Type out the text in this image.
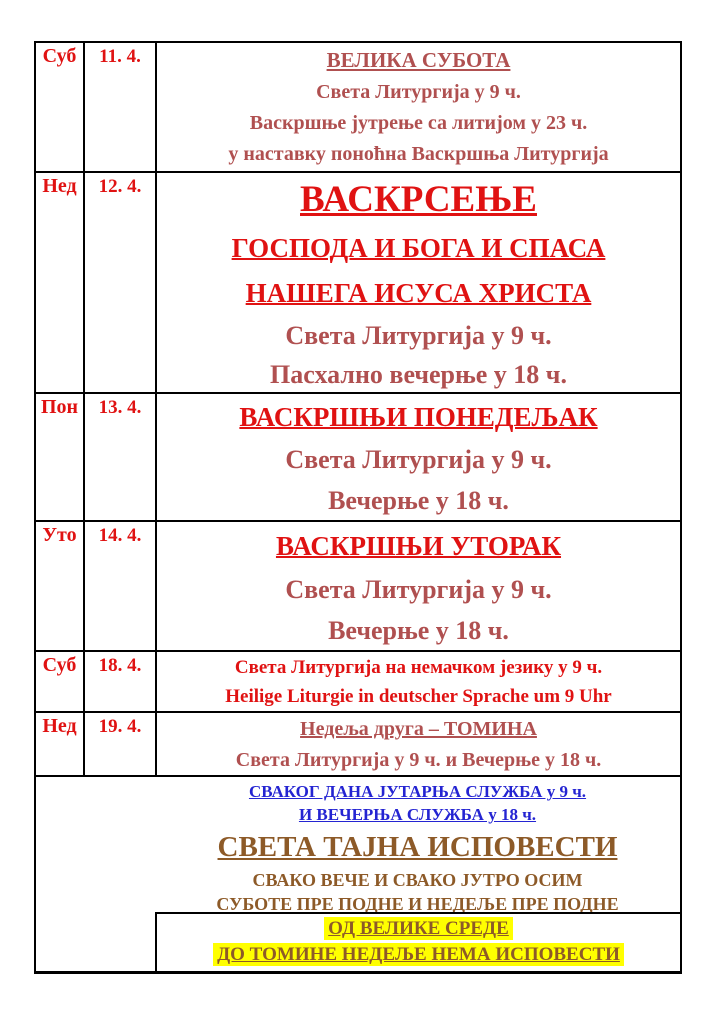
Суб	11. 4.	ВЕЛИКА СУБОТА
Света Литургија у 9 ч.
Васкршње јутрење са литијом у 23 ч.
у наставку поноћна Васкршња Литургија
Нед	12. 4.	ВАСКРСЕЊЕ
ГОСПОДА И БОГА И СПАСА
НАШЕГА ИСУСА ХРИСТА
Света Литургија у 9 ч.
Пасхално вечерње у 18 ч.
Пон	13. 4.	ВАСКРШЊИ ПОНЕДЕЉАК
Света Литургија у 9 ч.
Вечерње у 18 ч.
Уто	14. 4.	ВАСКРШЊИ УТОРАК
Света Литургија у 9 ч.
Вечерње у 18 ч.
Суб	18. 4.	Света Литургија на немачком језику у 9 ч.
Heilige Liturgie in deutscher Sprache um 9 Uhr
Нед	19. 4.	Недеља друга – ТОМИНА
Света Литургија у 9 ч. и Вечерње у 18 ч.
СВАКОГ ДАНА ЈУТАРЊА СЛУЖБА у 9 ч.
И ВЕЧЕРЊА СЛУЖБА у 18 ч.
СВЕТА ТАЈНА ИСПОВЕСТИ
СВАКО ВЕЧЕ И СВАКО ЈУТРО ОСИМ
СУБОТЕ ПРЕ ПОДНЕ И НЕДЕЉЕ ПРЕ ПОДНЕ
ОД ВЕЛИКЕ СРЕДЕ
ДО ТОМИНЕ НЕДЕЉЕ НЕМА ИСПОВЕСТИ
